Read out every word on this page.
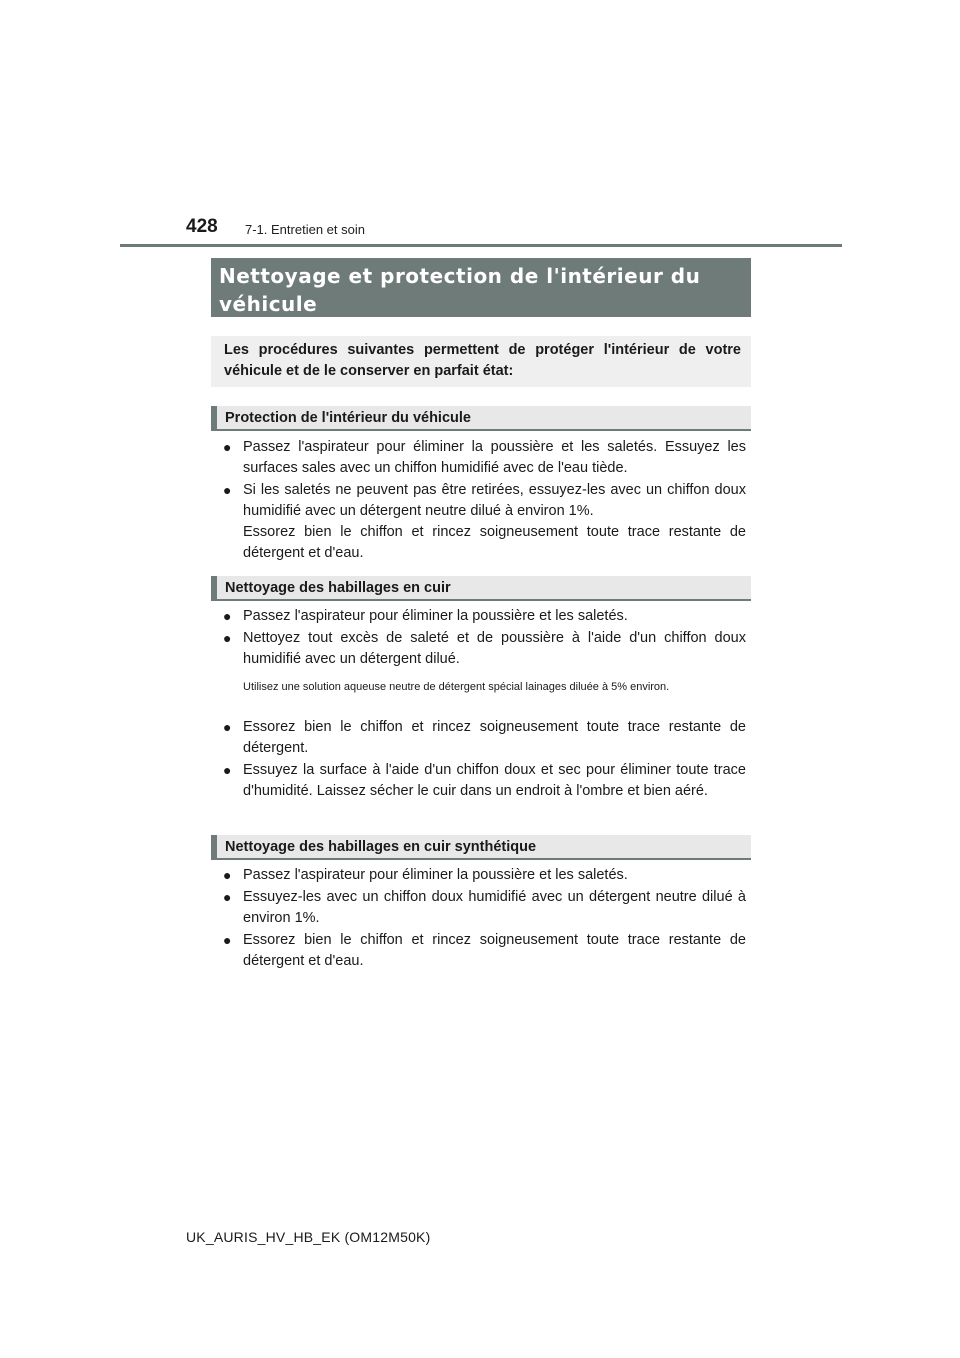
428 7-1. Entretien et soin
Nettoyage et protection de l'intérieur du véhicule
Les procédures suivantes permettent de protéger l'intérieur de votre véhicule et de le conserver en parfait état:
Protection de l'intérieur du véhicule
● Passez l'aspirateur pour éliminer la poussière et les saletés. Essuyez les surfaces sales avec un chiffon humidifié avec de l'eau tiède.
● Si les saletés ne peuvent pas être retirées, essuyez-les avec un chiffon doux humidifié avec un détergent neutre dilué à environ 1%.
Essorez bien le chiffon et rincez soigneusement toute trace restante de détergent et d'eau.
Nettoyage des habillages en cuir
● Passez l'aspirateur pour éliminer la poussière et les saletés.
● Nettoyez tout excès de saleté et de poussière à l'aide d'un chiffon doux humidifié avec un détergent dilué.
Utilisez une solution aqueuse neutre de détergent spécial lainages diluée à 5% environ.
● Essorez bien le chiffon et rincez soigneusement toute trace restante de détergent.
● Essuyez la surface à l'aide d'un chiffon doux et sec pour éliminer toute trace d'humidité. Laissez sécher le cuir dans un endroit à l'ombre et bien aéré.
Nettoyage des habillages en cuir synthétique
● Passez l'aspirateur pour éliminer la poussière et les saletés.
● Essuyez-les avec un chiffon doux humidifié avec un détergent neutre dilué à environ 1%.
● Essorez bien le chiffon et rincez soigneusement toute trace restante de détergent et d'eau.
UK_AURIS_HV_HB_EK (OM12M50K)
